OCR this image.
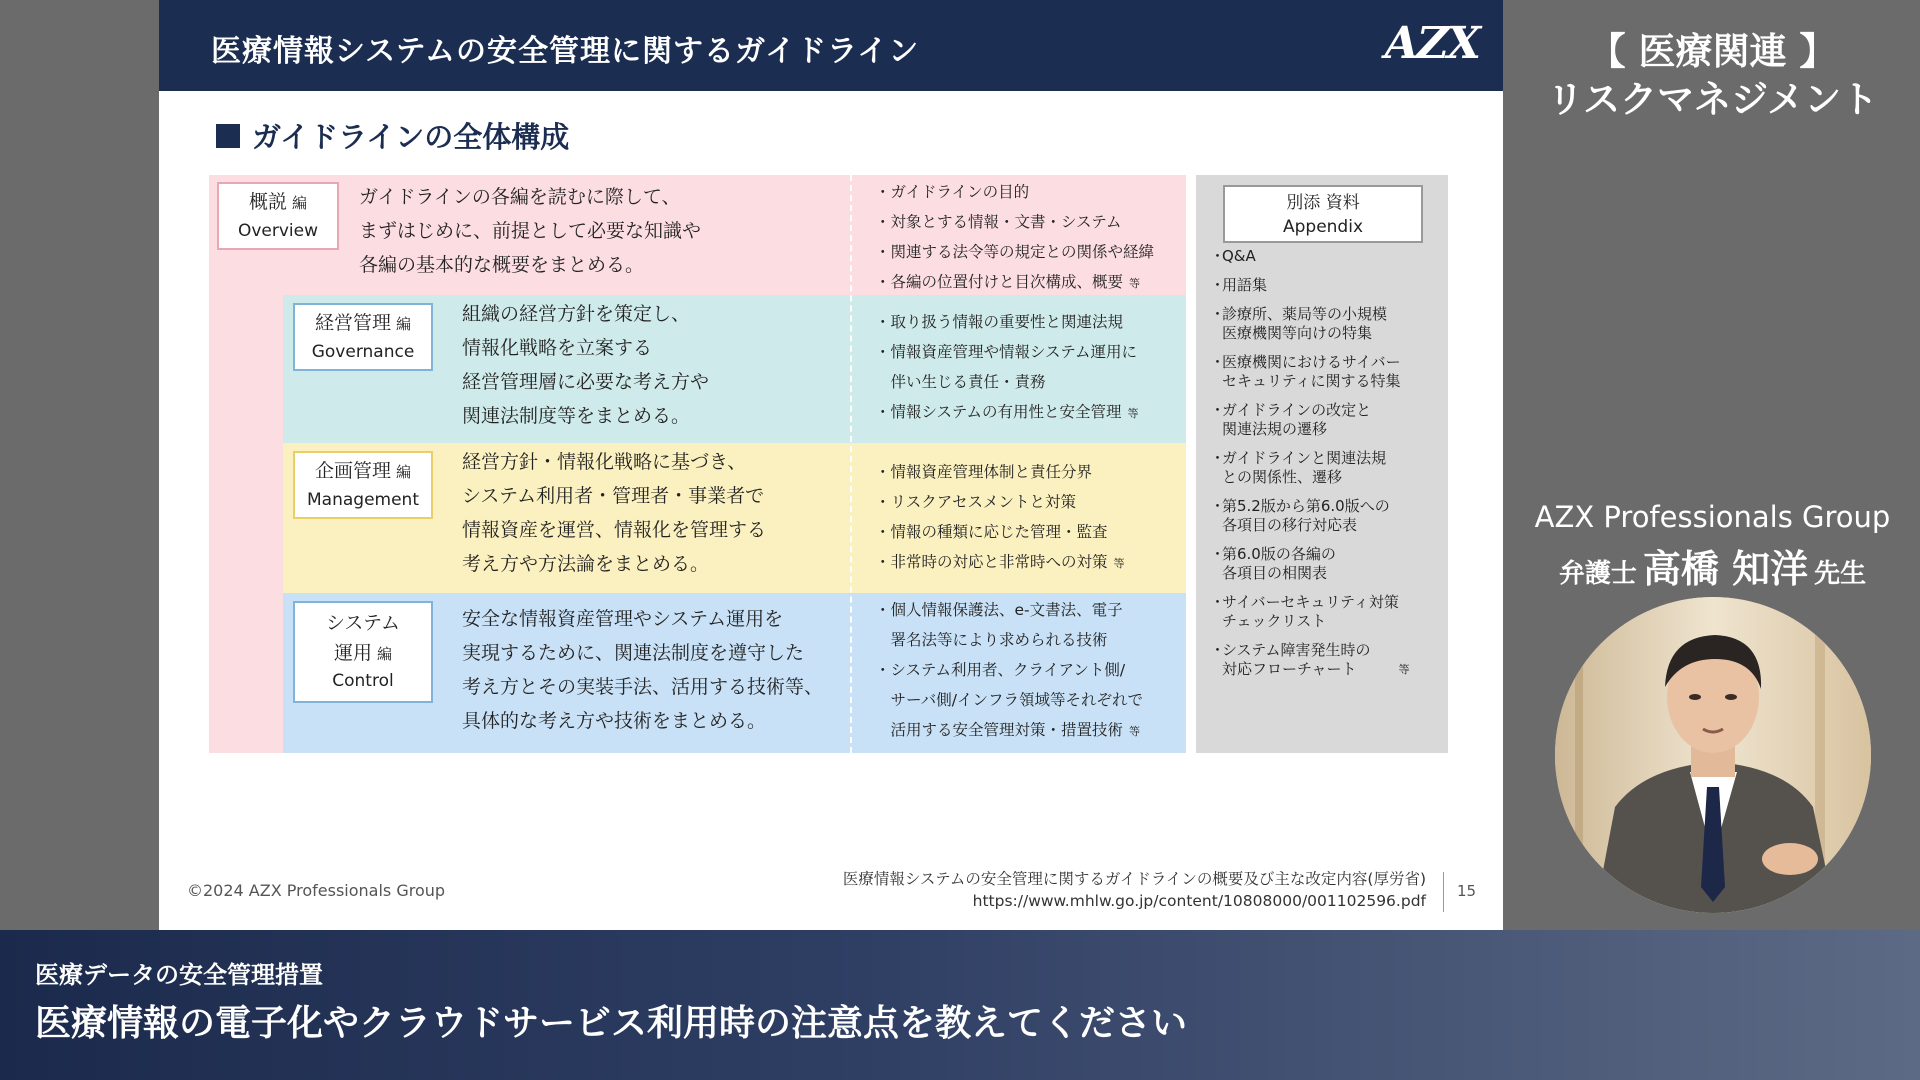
医療情報システムの安全管理に関するガイドライン	AZX
ガイドラインの全体構成
概説 編
Overview
ガイドラインの各編を読むに際して、
まずはじめに、前提として必要な知識や
各編の基本的な概要をまとめる。
・ガイドラインの目的
・対象とする情報・文書・システム
・関連する法令等の規定との関係や経緯
・各編の位置付けと目次構成、概要 等
経営管理 編
Governance
組織の経営方針を策定し、
情報化戦略を立案する
経営管理層に必要な考え方や
関連法制度等をまとめる。
・取り扱う情報の重要性と関連法規
・情報資産管理や情報システム運用に
　伴い生じる責任・責務
・情報システムの有用性と安全管理 等
企画管理 編
Management
経営方針・情報化戦略に基づき、
システム利用者・管理者・事業者で
情報資産を運営、情報化を管理する
考え方や方法論をまとめる。
・情報資産管理体制と責任分界
・リスクアセスメントと対策
・情報の種類に応じた管理・監査
・非常時の対応と非常時への対策 等
システム
運用 編
Control
安全な情報資産管理やシステム運用を
実現するために、関連法制度を遵守した
考え方とその実装手法、活用する技術等、
具体的な考え方や技術をまとめる。
・個人情報保護法、e-文書法、電子
　署名法等により求められる技術
・システム利用者、クライアント側/
　サーバ側/インフラ領域等それぞれで
　活用する安全管理対策・措置技術 等
別添 資料
Appendix
・
Q&A
・
用語集
・
診療所、薬局等の小規模
医療機関等向けの特集
・
医療機関におけるサイバー
セキュリティに関する特集
・
ガイドラインの改定と
関連法規の遷移
・
ガイドラインと関連法規
との関係性、遷移
・
第5.2版から第6.0版への
各項目の移行対応表
・
第6.0版の各編の
各項目の相関表
・
サイバーセキュリティ対策
チェックリスト
・
システム障害発生時の
対応フローチャート	等
©2024 AZX Professionals Group
医療情報システムの安全管理に関するガイドラインの概要及び主な改定内容(厚労省)
https://www.mhlw.go.jp/content/10808000/001102596.pdf
15
【 医療関連 】
リスクマネジメント
AZX Professionals Group
弁護士 高橋 知洋 先生
医療データの安全管理措置
医療情報の電子化やクラウドサービス利用時の注意点を教えてください
